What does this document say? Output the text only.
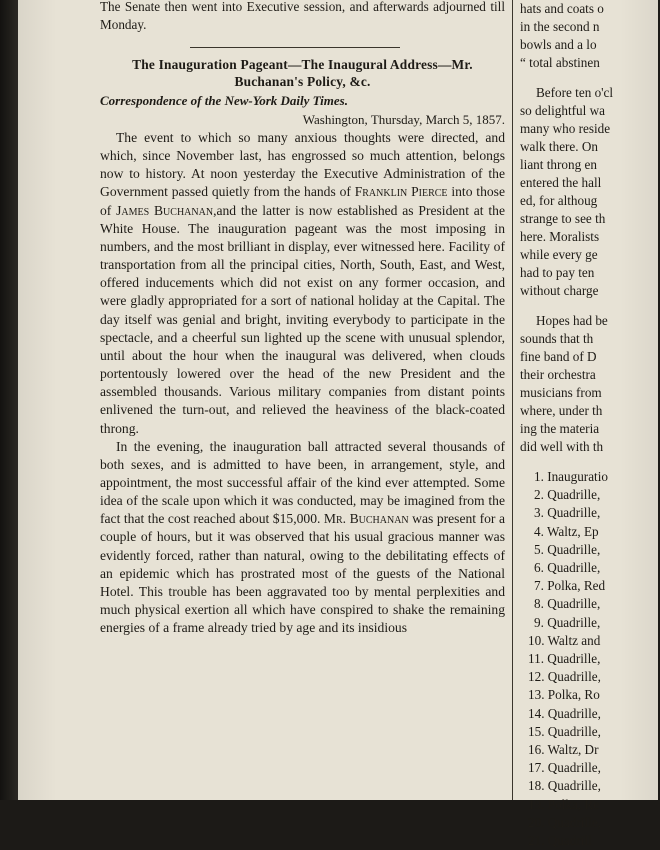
The Senate then went into Executive session, and afterwards adjourned till Monday.

The Inauguration Pageant—The Inaugural Address—Mr. Buchanan's Policy, &c.

Correspondence of the New-York Daily Times.

Washington, Thursday, March 5, 1857.

The event to which so many anxious thoughts were directed, and which, since November last, has engrossed so much attention, belongs now to history. At noon yesterday the Executive Administration of the Government passed quietly from the hands of Franklin Pierce into those of James Buchanan,and the latter is now established as President at the White House. The inauguration pageant was the most imposing in numbers, and the most brilliant in display, ever witnessed here. Facility of transportation from all the principal cities, North, South, East, and West, offered inducements which did not exist on any former occasion, and were gladly appropriated for a sort of national holiday at the Capital. The day itself was genial and bright, inviting everybody to participate in the spectacle, and a cheerful sun lighted up the scene with unusual splendor, until about the hour when the inaugural was delivered, when clouds portentously lowered over the head of the new President and the assembled thousands. Various military companies from distant points enlivened the turn-out, and relieved the heaviness of the black-coated throng.

In the evening, the inauguration ball attracted several thousands of both sexes, and is admitted to have been, in arrangement, style, and appointment, the most successful affair of the kind ever attempted. Some idea of the scale upon which it was conducted, may be imagined from the fact that the cost reached about $15,000. Mr. Buchanan was present for a couple of hours, but it was observed that his usual gracious manner was evidently forced, rather than natural, owing to the debilitating effects of an epidemic which has prostrated most of the guests of the National Hotel. This trouble has been aggravated too by mental perplexities and much physical exertion all which have conspired to shake the remaining energies of a frame already tried by age and its insidious

hats and coats o

in the second n

bowls and a lo

“ total abstinen

Before ten o'cl

so delightful wa

many who reside

walk there. On

liant throng en

entered the hall

ed, for althoug

strange to see th

here. Moralists

while every ge

had to pay ten

without charge

Hopes had be

sounds that th

fine band of D

their orchestra

musicians from

where, under th

ing the materia

did well with th

1. Inauguratio

2. Quadrille,

3. Quadrille,

4. Waltz, Ep

5. Quadrille,

6. Quadrille,

7. Polka, Red

8. Quadrille,

9. Quadrille,

10. Waltz and

11. Quadrille,

12. Quadrille,

13. Polka, Ro

14. Quadrille,

15. Quadrille,

16. Waltz, Dr

17. Quadrille,

18. Quadrille,

19. Polka, Re

20. Quadrille,

21. Quadrill
